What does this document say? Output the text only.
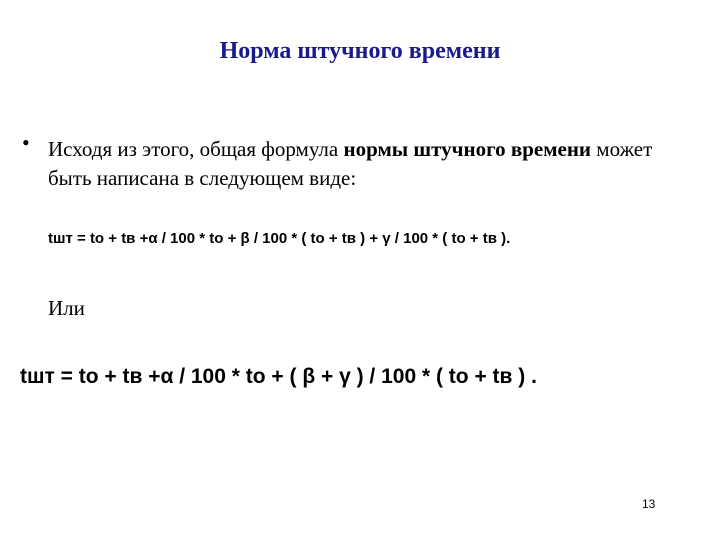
Норма штучного времени
• Исходя из этого, общая формула нормы штучного времени может быть написана в следующем виде:
tшт = to + tв +α / 100 * to + β / 100 * ( to + tв ) + γ / 100 * ( to + tв ).
Или
tшт = to + tв +α / 100 * to + ( β + γ ) / 100 * ( to + tв ) .
13
